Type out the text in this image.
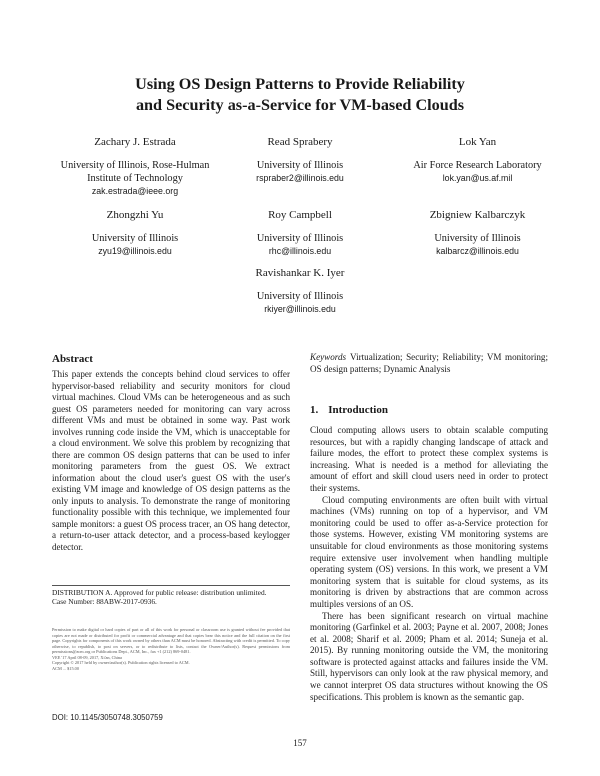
Using OS Design Patterns to Provide Reliability
and Security as-a-Service for VM-based Clouds
Zachary J. Estrada
University of Illinois, Rose-Hulman
Institute of Technology
zak.estrada@ieee.org
Read Sprabery
University of Illinois
rspraber2@illinois.edu
Lok Yan
Air Force Research Laboratory
lok.yan@us.af.mil
Zhongzhi Yu
University of Illinois
zyu19@illinois.edu
Roy Campbell
University of Illinois
rhc@illinois.edu
Zbigniew Kalbarczyk
University of Illinois
kalbarcz@illinois.edu
Ravishankar K. Iyer
University of Illinois
rkiyer@illinois.edu
Abstract

This paper extends the concepts behind cloud services to offer hypervisor-based reliability and security monitors for cloud virtual machines. Cloud VMs can be heterogeneous and as such guest OS parameters needed for monitoring can vary across different VMs and must be obtained in some way. Past work involves running code inside the VM, which is unacceptable for a cloud environment. We solve this problem by recognizing that there are common OS design patterns that can be used to infer monitoring parameters from the guest OS. We extract information about the cloud user's guest OS with the user's existing VM image and knowledge of OS design patterns as the only inputs to analysis. To demonstrate the range of monitoring functionality possible with this technique, we implemented four sample monitors: a guest OS process tracer, an OS hang detector, a return-to-user attack detector, and a process-based keylogger detector.

DISTRIBUTION A. Approved for public release: distribution unlimited.
Case Number: 88ABW-2017-0936.
Permission to make digital or hard copies of part or all of this work for personal or classroom use is granted without fee provided that copies are not made or distributed for profit or commercial advantage and that copies bear this notice and the full citation on the first page. Copyrights for components of this work owned by others than ACM must be honored. Abstracting with credit is permitted. To copy otherwise, to republish, to post on servers, or to redistribute to lists, contact the Owner/Author(s). Request permissions from permissions@acm.org or Publications Dept., ACM, Inc., fax +1 (212) 869-0481.
VEE '17 April 08-09, 2017, Xi'an, China
Copyright © 2017 held by owner/author(s). Publication rights licensed to ACM.
ACM ... $15.00
DOI: 10.1145/3050748.3050759

Keywords Virtualization; Security; Reliability; VM monitoring; OS design patterns; Dynamic Analysis

1. Introduction

Cloud computing allows users to obtain scalable computing resources, but with a rapidly changing landscape of attack and failure modes, the effort to protect these complex systems is increasing. What is needed is a method for alleviating the amount of effort and skill cloud users need in order to protect their systems.

Cloud computing environments are often built with virtual machines (VMs) running on top of a hypervisor, and VM monitoring could be used to offer as-a-Service protection for those systems. However, existing VM monitoring systems are unsuitable for cloud environments as those monitoring systems require extensive user involvement when handling multiple operating system (OS) versions. In this work, we present a VM monitoring system that is suitable for cloud systems, as its monitoring is driven by abstractions that are common across multiples versions of an OS.

There has been significant research on virtual machine monitoring (Garfinkel et al. 2003; Payne et al. 2007, 2008; Jones et al. 2008; Sharif et al. 2009; Pham et al. 2014; Suneja et al. 2015). By running monitoring outside the VM, the monitoring software is protected against attacks and failures inside the VM. Still, hypervisors can only look at the raw physical memory, and we cannot interpret OS data structures without knowing the OS specifications. This problem is known as the semantic gap.

157
